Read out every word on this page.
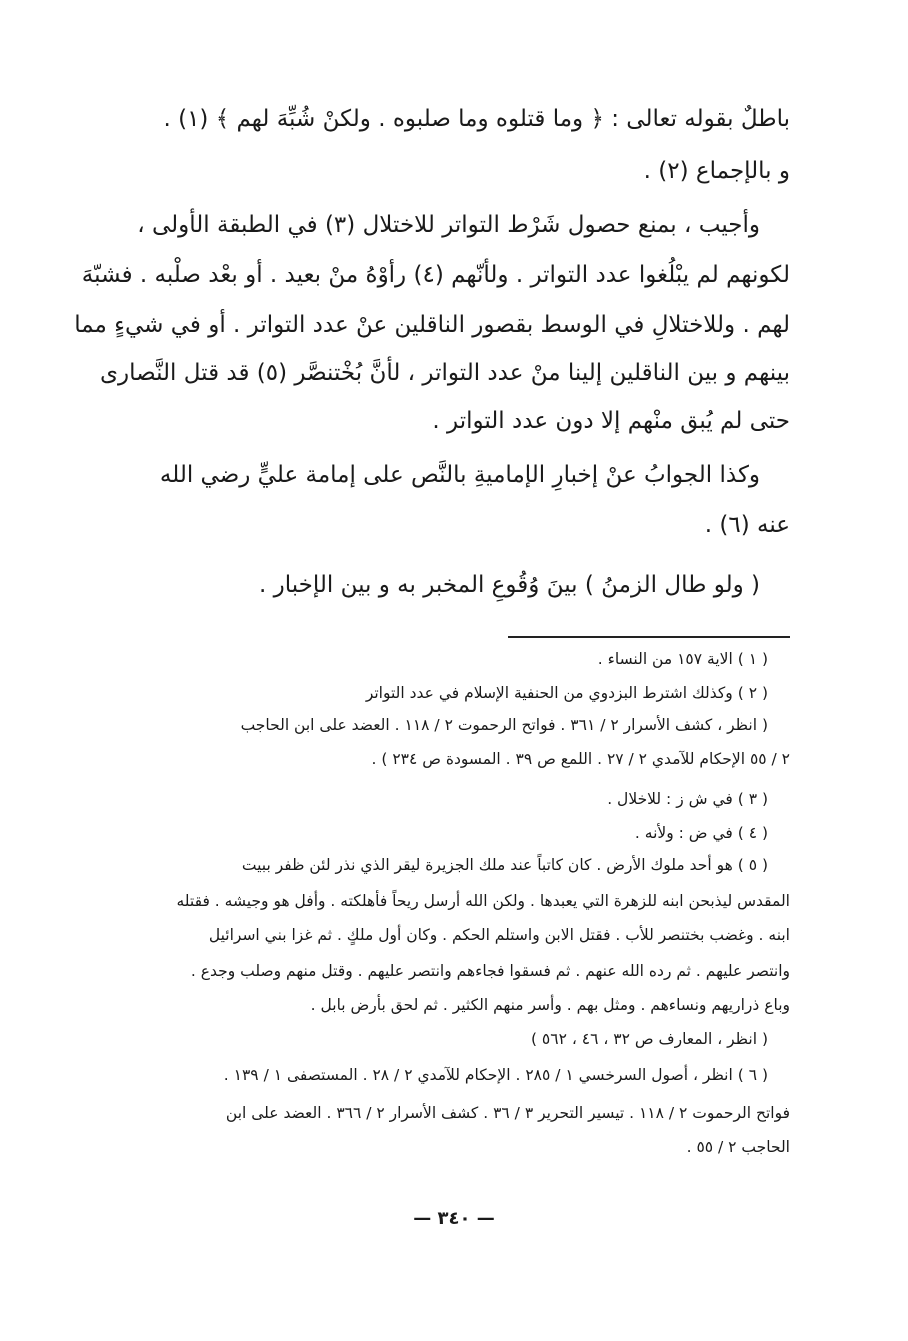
باطلٌ بقوله تعالى : ﴿ وما قتلوه وما صلبوه . ولكنْ شُبِّهَ لهم ﴾ (١) .
و بالإجماع (٢) .
وأجيب ، بمنع حصول شَرْط التواتر للاختلال (٣) في الطبقة الأولى ،
لكونهم لم يبْلُغوا عدد التواتر . ولأنّهم (٤) رأوْهُ منْ بعيد . أو بعْد صلْبه . فشبّهَ
لهم . وللاختلالِ في الوسط بقصور الناقلين عنْ عدد التواتر . أو في شيءٍ مما
بينهم و بين الناقلين إلينا منْ عدد التواتر ، لأنَّ بُخْتنصَّر (٥) قد قتل النَّصارى
حتى لم يُبق منْهم إلا دون عدد التواتر .
وكذا الجوابُ عنْ إخبارِ الإماميةِ بالنَّص على إمامة عليٍّ رضي الله
عنه (٦) .
( ولو طال الزمنُ ) بينَ وُقُوعِ المخبر به و بين الإخبار .
( ١ ) الاية ١٥٧ من النساء .
( ٢ ) وكذلك اشترط البزدوي من الحنفية الإسلام في عدد التواتر
( انظر ، كشف الأسرار ٢ / ٣٦١ . فواتح الرحموت ٢ / ١١٨ . العضد على ابن الحاجب
٢ / ٥٥ الإحكام للآمدي ٢ / ٢٧ . اللمع ص ٣٩ . المسودة ص ٢٣٤ ) .
( ٣ ) في ش ز : للاخلال .
( ٤ ) في ض : ولأنه .
( ٥ ) هو أحد ملوك الأرض . كان كاتباً عند ملك الجزيرة ليقر الذي نذر لئن ظفر ببيت
المقدس ليذبحن ابنه للزهرة التي يعبدها . ولكن الله أرسل ريحاً فأهلكته . وأفل هو وجيشه . فقتله
ابنه . وغضب بختنصر للأب . فقتل الابن واستلم الحكم . وكان أول ملكٍ . ثم غزا بني اسرائيل
وانتصر عليهم . ثم رده الله عنهم . ثم فسقوا فجاءهم وانتصر عليهم . وقتل منهم وصلب وجدع .
وباع ذراريهم ونساءهم . ومثل بهم . وأسر منهم الكثير . ثم لحق بأرض بابل .
( انظر ، المعارف ص ٣٢ ، ٤٦ ، ٥٦٢ )
( ٦ ) انظر ، أصول السرخسي ١ / ٢٨٥ . الإحكام للآمدي ٢ / ٢٨ . المستصفى ١ / ١٣٩ .
فواتح الرحموت ٢ / ١١٨ . تيسير التحرير ٣ / ٣٦ . كشف الأسرار ٢ / ٣٦٦ . العضد على ابن
الحاجب ٢ / ٥٥ .
— ٣٤٠ —
